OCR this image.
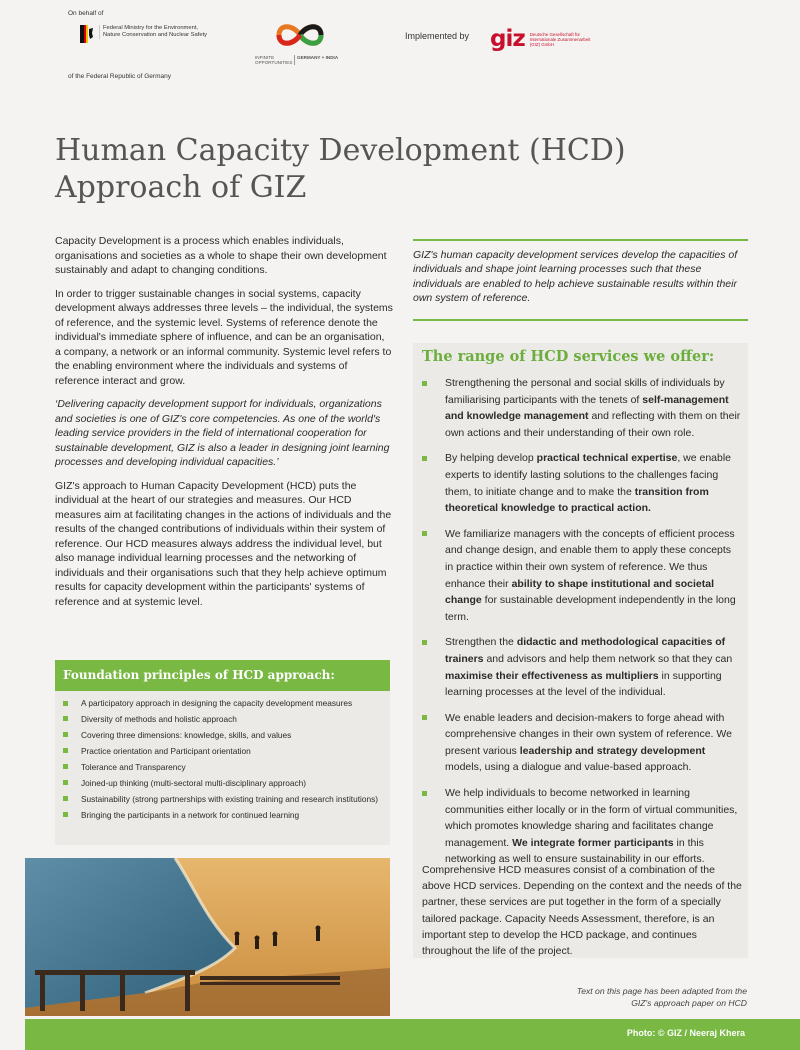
On behalf of
Federal Ministry for the Environment, Nature Conservation and Nuclear Safety
of the Federal Republic of Germany
INFINITE OPPORTUNITIES
GERMANY + INDIA
Implemented by giz Deutsche Gesellschaft für Internationale Zusammenarbeit (GIZ) GmbH
Human Capacity Development (HCD)
Approach of GIZ

Capacity Development is a process which enables individuals, organisations and societies as a whole to shape their own development sustainably and adapt to changing conditions.

In order to trigger sustainable changes in social systems, capacity development always addresses three levels – the individual, the systems of reference, and the systemic level. Systems of reference denote the individual's immediate sphere of influence, and can be an organisation, a company, a network or an informal community. Systemic level refers to the enabling environment where the individuals and systems of reference interact and grow.

‘Delivering capacity development support for individuals, organizations and societies is one of GIZ's core competencies. As one of the world's leading service providers in the field of international cooperation for sustainable development, GIZ is also a leader in designing joint learning processes and developing individual capacities.’

GIZ's approach to Human Capacity Development (HCD) puts the individual at the heart of our strategies and measures. Our HCD measures aim at facilitating changes in the actions of individuals and the results of the changed contributions of individuals within their system of reference. Our HCD measures always address the individual level, but also manage individual learning processes and the networking of individuals and their organisations such that they help achieve optimum results for capacity development within the participants' systems of reference and at systemic level.

Foundation principles of HCD approach:
A participatory approach in designing the capacity development measures
Diversity of methods and holistic approach
Covering three dimensions: knowledge, skills, and values
Practice orientation and Participant orientation
Tolerance and Transparency
Joined-up thinking (multi-sectoral multi-disciplinary approach)
Sustainability (strong partnerships with existing training and research institutions)
Bringing the participants in a network for continued learning

GIZ's human capacity development services develop the capacities of individuals and shape joint learning processes such that these individuals are enabled to help achieve sustainable results within their own system of reference.

The range of HCD services we offer:
Strengthening the personal and social skills of individuals by familiarising participants with the tenets of self-management and knowledge management and reflecting with them on their own actions and their understanding of their own role.
By helping develop practical technical expertise, we enable experts to identify lasting solutions to the challenges facing them, to initiate change and to make the transition from theoretical knowledge to practical action.
We familiarize managers with the concepts of efficient process and change design, and enable them to apply these concepts in practice within their own system of reference. We thus enhance their ability to shape institutional and societal change for sustainable development independently in the long term.
Strengthen the didactic and methodological capacities of trainers and advisors and help them network so that they can maximise their effectiveness as multipliers in supporting learning processes at the level of the individual.
We enable leaders and decision-makers to forge ahead with comprehensive changes in their own system of reference. We present various leadership and strategy development models, using a dialogue and value-based approach.
We help individuals to become networked in learning communities either locally or in the form of virtual communities, which promotes knowledge sharing and facilitates change management. We integrate former participants in this networking as well to ensure sustainability in our efforts.

Comprehensive HCD measures consist of a combination of the above HCD services. Depending on the context and the needs of the partner, these services are put together in the form of a specially tailored package. Capacity Needs Assessment, therefore, is an important step to develop the HCD package, and continues throughout the life of the project.

Text on this page has been adapted from the
GIZ's approach paper on HCD

Photo: © GIZ / Neeraj Khera
